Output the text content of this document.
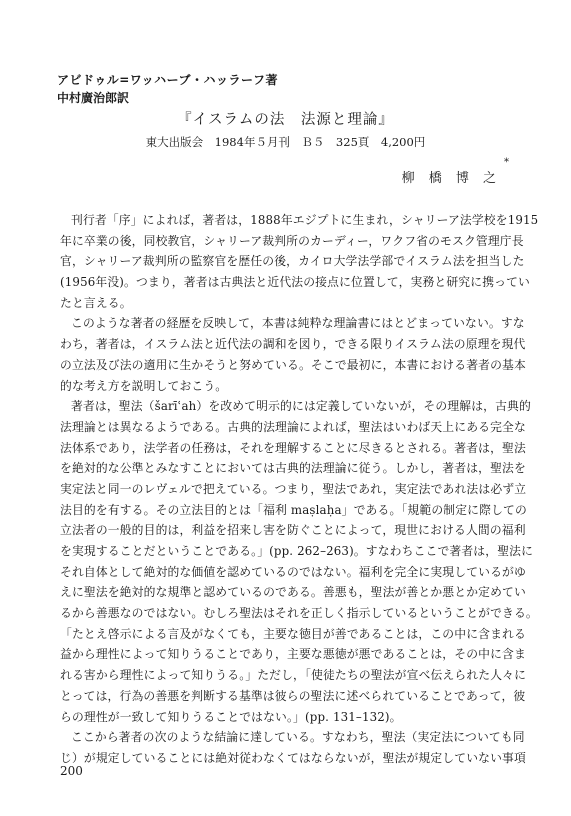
アビドゥル=ワッハーブ・ハッラーフ著
中村廣治郎訳
『イスラムの法　法源と理論』
東大出版会　1984年５月刊　Ｂ５　325頁　4,200円
*
柳 橋 博 之
刊行者「序」によれば，著者は，1888年エジプトに生まれ，シャリーア法学校を1915
年に卒業の後，同校教官，シャリーア裁判所のカーディー，ワクフ省のモスク管理庁長
官，シャリーア裁判所の監察官を歴任の後，カイロ大学法学部でイスラム法を担当した
(1956年没)。つまり，著者は古典法と近代法の接点に位置して，実務と研究に携ってい
たと言える。
このような著者の経歴を反映して，本書は純粋な理論書にはとどまっていない。すな
わち，著者は，イスラム法と近代法の調和を図り，できる限りイスラム法の原理を現代
の立法及び法の適用に生かそうと努めている。そこで最初に，本書における著者の基本
的な考え方を説明しておこう。
著者は，聖法（šarīʿah）を改めて明示的には定義していないが，その理解は，古典的
法理論とは異なるようである。古典的法理論によれば，聖法はいわば天上にある完全な
法体系であり，法学者の任務は，それを理解することに尽きるとされる。著者は，聖法
を絶対的な公準とみなすことにおいては古典的法理論に従う。しかし，著者は，聖法を
実定法と同一のレヴェルで把えている。つまり，聖法であれ，実定法であれ法は必ず立
法目的を有する。その立法目的とは「福利 maṣlaḥa」である。「規範の制定に際しての
立法者の一般的目的は，利益を招来し害を防ぐことによって，現世における人間の福利
を実現することだということである。」(pp. 262–263)。すなわちここで著者は，聖法に
それ自体として絶対的な価値を認めているのではない。福利を完全に実現しているがゆ
えに聖法を絶対的な規準と認めているのである。善悪も，聖法が善とか悪とか定めてい
るから善悪なのではない。むしろ聖法はそれを正しく指示しているということができる。
「たとえ啓示による言及がなくても，主要な徳目が善であることは，この中に含まれる
益から理性によって知りうることであり，主要な悪徳が悪であることは，その中に含ま
れる害から理性によって知りうる。」ただし，「使徒たちの聖法が宣べ伝えられた人々に
とっては，行為の善悪を判断する基準は彼らの聖法に述べられていることであって，彼
らの理性が一致して知りうることではない。」(pp. 131–132)。
ここから著者の次のような結論に達している。すなわち，聖法（実定法についても同
じ）が規定していることには絶対従わなくてはならないが，聖法が規定していない事項
200
